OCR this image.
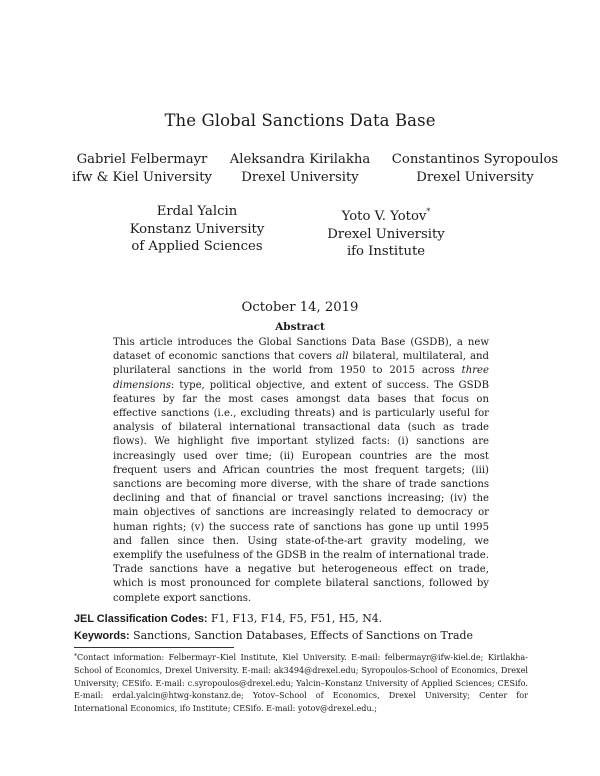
The Global Sanctions Data Base
Gabriel Felbermayr
ifw & Kiel University
Aleksandra Kirilakha
Drexel University
Constantinos Syropoulos
Drexel University
Erdal Yalcin
Konstanz University
of Applied Sciences
Yoto V. Yotov*
Drexel University
ifo Institute
October 14, 2019
Abstract
This article introduces the Global Sanctions Data Base (GSDB), a new dataset of economic sanctions that covers all bilateral, multilateral, and plurilateral sanctions in the world from 1950 to 2015 across three dimensions: type, political objective, and extent of success. The GSDB features by far the most cases amongst data bases that focus on effective sanctions (i.e., excluding threats) and is particularly useful for analysis of bilateral international transactional data (such as trade flows). We highlight five important stylized facts: (i) sanctions are increasingly used over time; (ii) European countries are the most frequent users and African countries the most frequent targets; (iii) sanctions are becoming more diverse, with the share of trade sanctions declining and that of financial or travel sanctions increasing; (iv) the main objectives of sanctions are increasingly related to democracy or human rights; (v) the success rate of sanctions has gone up until 1995 and fallen since then. Using state-of-the-art gravity modeling, we exemplify the usefulness of the GDSB in the realm of international trade. Trade sanctions have a negative but heterogeneous effect on trade, which is most pronounced for complete bilateral sanctions, followed by complete export sanctions.
JEL Classification Codes: F1, F13, F14, F5, F51, H5, N4.
Keywords: Sanctions, Sanction Databases, Effects of Sanctions on Trade
*Contact information: Felbermayr–Kiel Institute, Kiel University. E-mail: felbermayr@ifw-kiel.de; Kirilakha-School of Economics, Drexel University. E-mail: ak3494@drexel.edu; Syropoulos-School of Economics, Drexel University; CESifo. E-mail: c.syropoulos@drexel.edu; Yalcin–Konstanz University of Applied Sciences; CESifo. E-mail: erdal.yalcin@htwg-konstanz.de; Yotov–School of Economics, Drexel University; Center for International Economics, ifo Institute; CESifo. E-mail: yotov@drexel.edu.;
